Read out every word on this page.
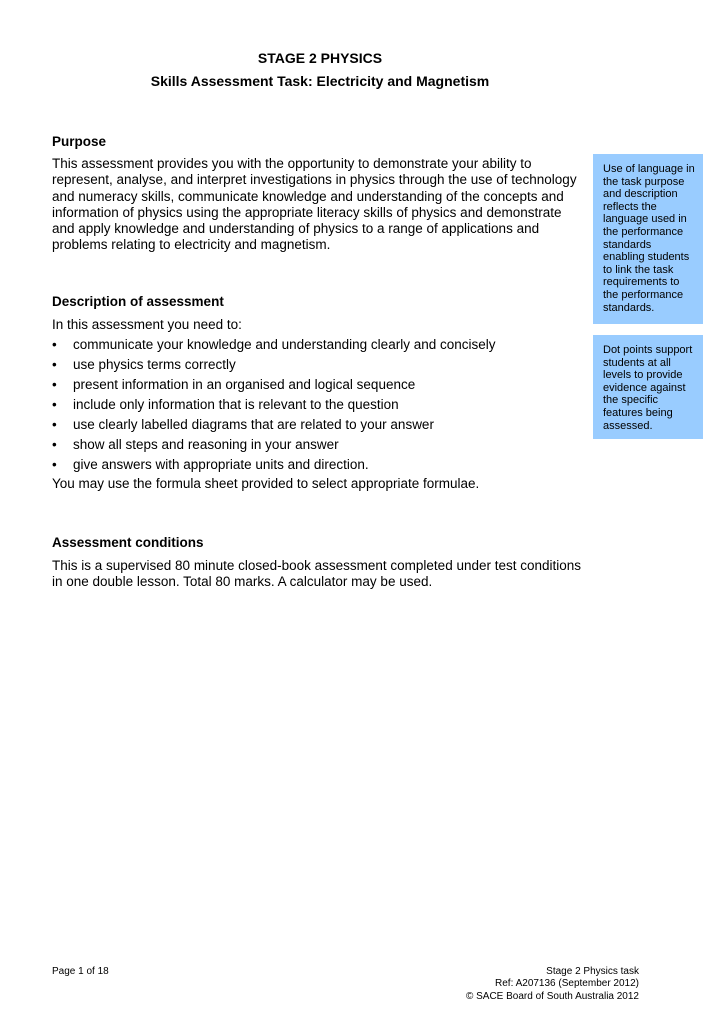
STAGE 2 PHYSICS
Skills Assessment Task: Electricity and Magnetism
Purpose
This assessment provides you with the opportunity to demonstrate your ability to represent, analyse, and interpret investigations in physics through the use of technology and numeracy skills, communicate knowledge and understanding of the concepts and information of physics using the appropriate literacy skills of physics and demonstrate and apply knowledge and understanding of physics to a range of applications and problems relating to electricity and magnetism.
Description of assessment
In this assessment you need to:
• communicate your knowledge and understanding clearly and concisely
• use physics terms correctly
• present information in an organised and logical sequence
• include only information that is relevant to the question
• use clearly labelled diagrams that are related to your answer
• show all steps and reasoning in your answer
• give answers with appropriate units and direction.
You may use the formula sheet provided to select appropriate formulae.
Assessment conditions
This is a supervised 80 minute closed-book assessment completed under test conditions in one double lesson. Total 80 marks. A calculator may be used.
Use of language in the task purpose and description reflects the language used in the performance standards enabling students to link the task requirements to the performance standards.
Dot points support students at all levels to provide evidence against the specific features being assessed.
Page 1 of 18	Stage 2 Physics task
Ref: A207136 (September 2012)
© SACE Board of South Australia 2012
